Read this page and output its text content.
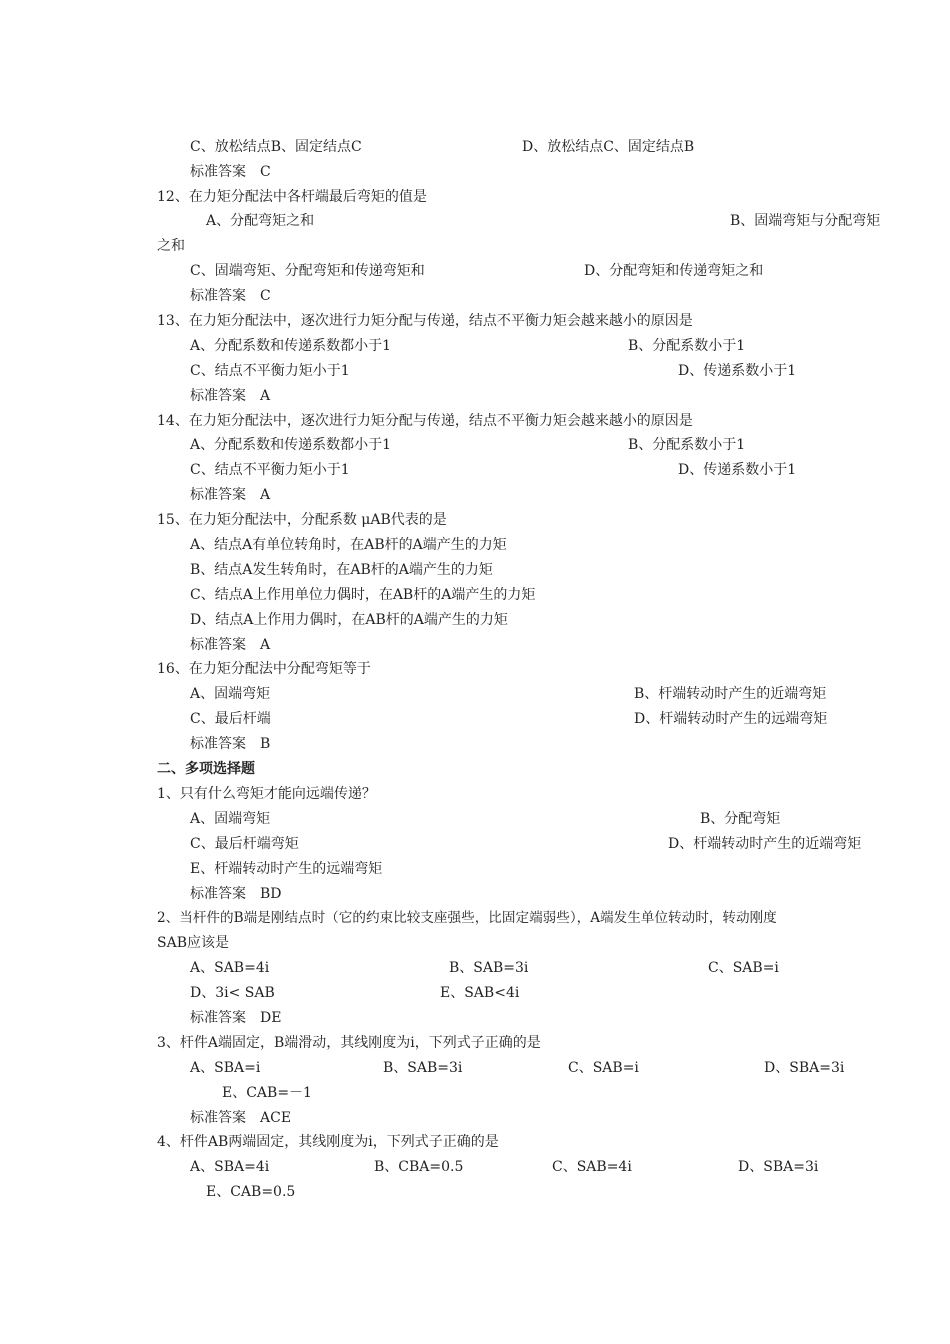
C、放松结点B、固定结点C	D、放松结点C、固定结点B
标准答案　C
12、在力矩分配法中各杆端最后弯矩的值是
A、分配弯矩之和	B、固端弯矩与分配弯矩
之和
C、固端弯矩、分配弯矩和传递弯矩和	D、分配弯矩和传递弯矩之和
标准答案　C
13、在力矩分配法中，逐次进行力矩分配与传递，结点不平衡力矩会越来越小的原因是
A、分配系数和传递系数都小于1	B、分配系数小于1
C、结点不平衡力矩小于1	D、传递系数小于1
标准答案　A
14、在力矩分配法中，逐次进行力矩分配与传递，结点不平衡力矩会越来越小的原因是
A、分配系数和传递系数都小于1	B、分配系数小于1
C、结点不平衡力矩小于1	D、传递系数小于1
标准答案　A
15、在力矩分配法中，分配系数 μAB代表的是
A、结点A有单位转角时，在AB杆的A端产生的力矩
B、结点A发生转角时，在AB杆的A端产生的力矩
C、结点A上作用单位力偶时，在AB杆的A端产生的力矩
D、结点A上作用力偶时，在AB杆的A端产生的力矩
标准答案　A
16、在力矩分配法中分配弯矩等于
A、固端弯矩	B、杆端转动时产生的近端弯矩
C、最后杆端	D、杆端转动时产生的远端弯矩
标准答案　B
二、多项选择题
1、只有什么弯矩才能向远端传递？
A、固端弯矩	B、分配弯矩
C、最后杆端弯矩	D、杆端转动时产生的近端弯矩
E、杆端转动时产生的远端弯矩
标准答案　BD
2、当杆件的B端是刚结点时（它的约束比较支座强些，比固定端弱些），A端发生单位转动时，转动刚度
SAB应该是
A、SAB=4i	B、SAB=3i	C、SAB=i
D、3i< SAB	E、SAB<4i
标准答案　DE
3、杆件A端固定，B端滑动，其线刚度为i，下列式子正确的是
A、SBA=i	B、SAB=3i	C、SAB=i	D、SBA=3i
E、CAB=－1
标准答案　ACE
4、杆件AB两端固定，其线刚度为i，下列式子正确的是
A、SBA=4i	B、CBA=0.5	C、SAB=4i	D、SBA=3i
E、CAB=0.5
